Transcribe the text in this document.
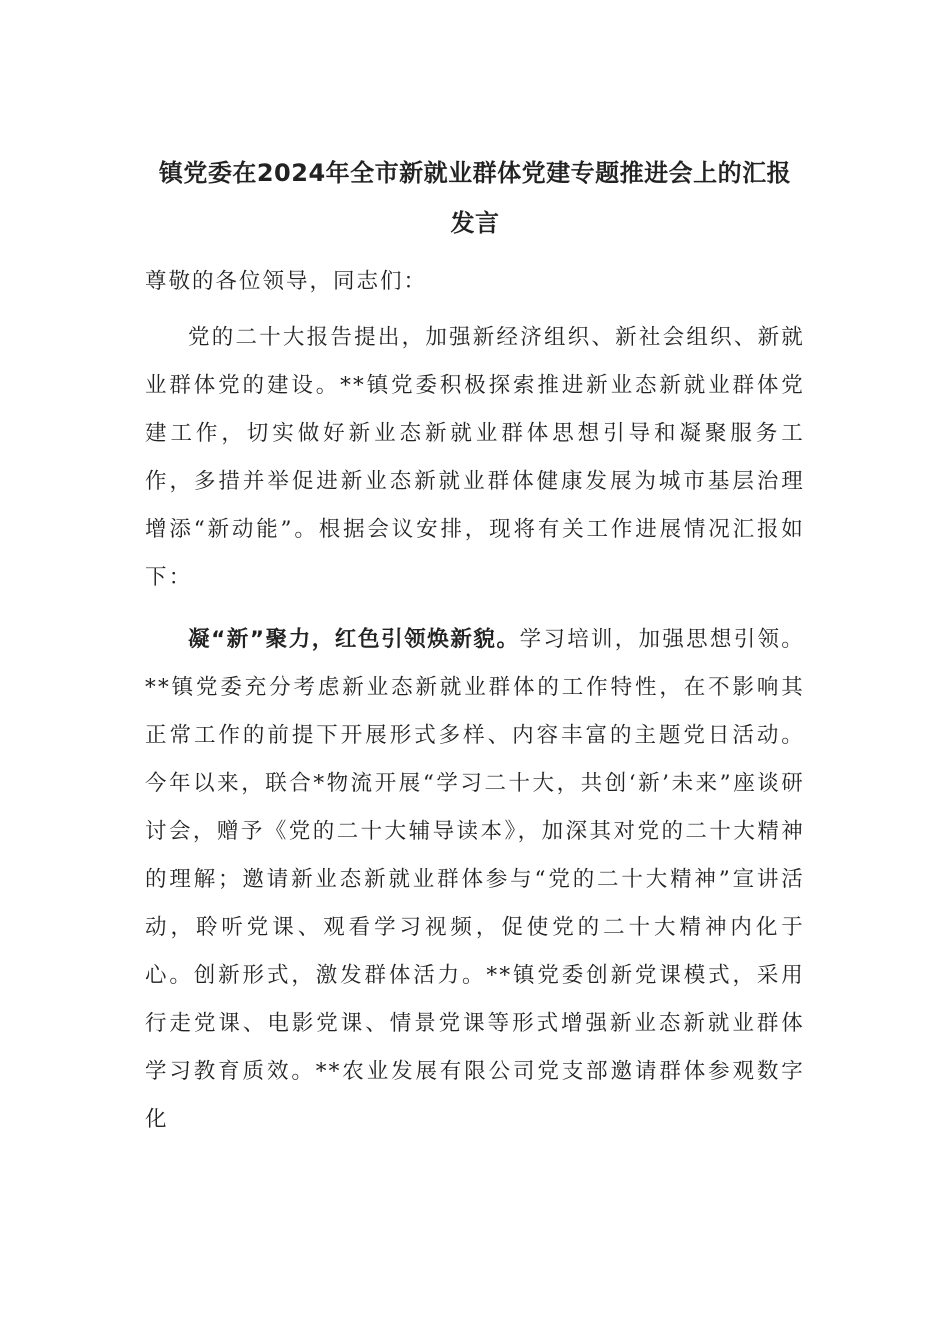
镇党委在2024年全市新就业群体党建专题推进会上的汇报
发言

尊敬的各位领导，同志们：

党的二十大报告提出，加强新经济组织、新社会组织、新就业群体党的建设。**镇党委积极探索推进新业态新就业群体党建工作，切实做好新业态新就业群体思想引导和凝聚服务工作，多措并举促进新业态新就业群体健康发展为城市基层治理增添“新动能”。根据会议安排，现将有关工作进展情况汇报如下：

凝“新”聚力，红色引领焕新貌。学习培训，加强思想引领。**镇党委充分考虑新业态新就业群体的工作特性，在不影响其正常工作的前提下开展形式多样、内容丰富的主题党日活动。今年以来，联合*物流开展“学习二十大，共创‘新’未来”座谈研讨会，赠予《党的二十大辅导读本》，加深其对党的二十大精神的理解；邀请新业态新就业群体参与“党的二十大精神”宣讲活动，聆听党课、观看学习视频，促使党的二十大精神内化于心。创新形式，激发群体活力。**镇党委创新党课模式，采用行走党课、电影党课、情景党课等形式增强新业态新就业群体学习教育质效。**农业发展有限公司党支部邀请群体参观数字化
